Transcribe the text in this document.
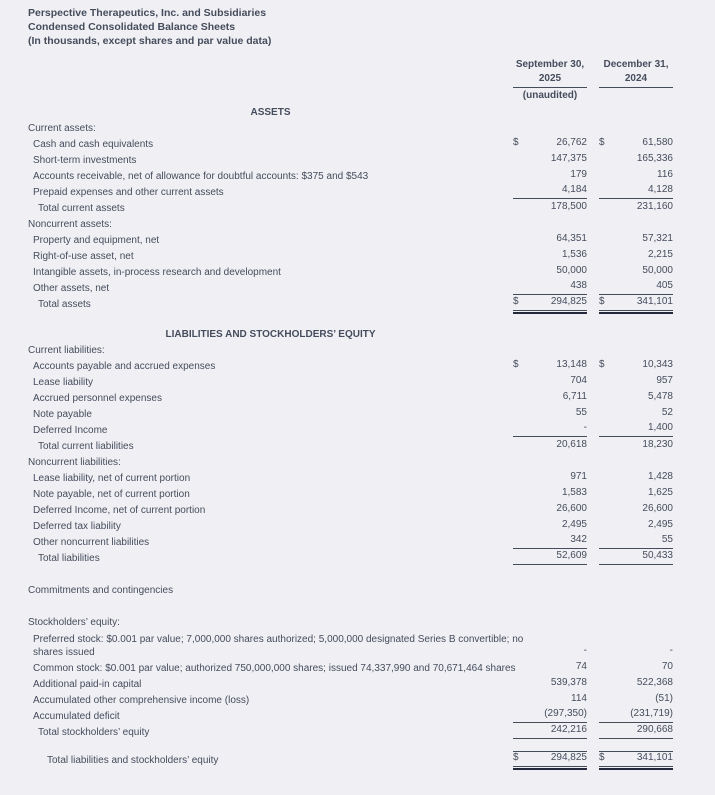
Perspective Therapeutics, Inc. and Subsidiaries
Condensed Consolidated Balance Sheets
(In thousands, except shares and par value data)
September 30,
2025
(unaudited)
December 31,
2024
ASSETS
Current assets:
Cash and cash equivalents	$	26,762 $	61,580
Short-term investments	147,375	165,336
Accounts receivable, net of allowance for doubtful accounts: $375 and $543	179	116
Prepaid expenses and other current assets	4,184	4,128
Total current assets	178,500	231,160
Noncurrent assets:
Property and equipment, net	64,351	57,321
Right-of-use asset, net	1,536	2,215
Intangible assets, in-process research and development	50,000	50,000
Other assets, net	438	405
Total assets	$	294,825 $	341,101
LIABILITIES AND STOCKHOLDERS’ EQUITY
Current liabilities:
Accounts payable and accrued expenses	$	13,148 $	10,343
Lease liability	704	957
Accrued personnel expenses	6,711	5,478
Note payable	55	52
Deferred Income	-	1,400
Total current liabilities	20,618	18,230
Noncurrent liabilities:
Lease liability, net of current portion	971	1,428
Note payable, net of current portion	1,583	1,625
Deferred Income, net of current portion	26,600	26,600
Deferred tax liability	2,495	2,495
Other noncurrent liabilities	342	55
Total liabilities	52,609	50,433
Commitments and contingencies
Stockholders’ equity:
Preferred stock: $0.001 par value; 7,000,000 shares authorized; 5,000,000 designated Series B convertible; no shares issued	-	-
Common stock: $0.001 par value; authorized 750,000,000 shares; issued 74,337,990 and 70,671,464 shares	74	70
Additional paid-in capital	539,378	522,368
Accumulated other comprehensive income (loss)	114	(51)
Accumulated deficit	(297,350)	(231,719)
Total stockholders’ equity	242,216	290,668
Total liabilities and stockholders’ equity	$	294,825 $	341,101
